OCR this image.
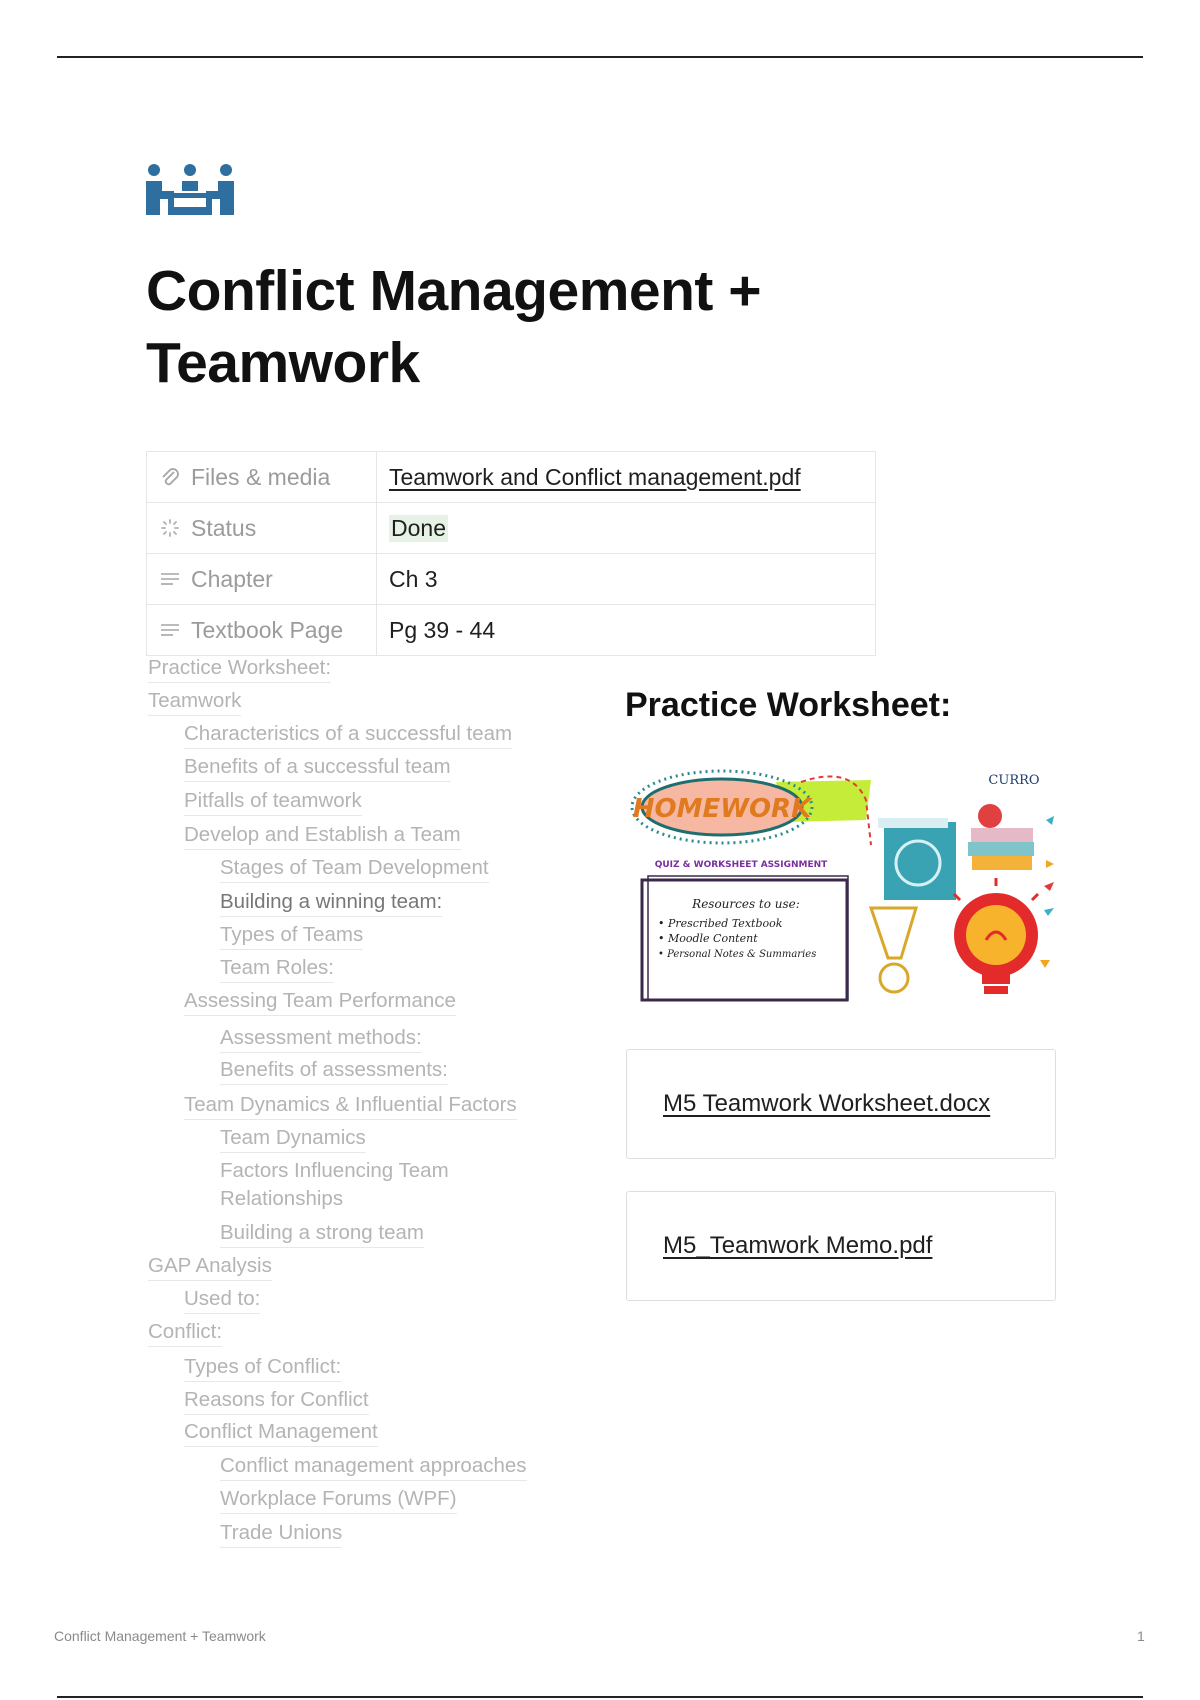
Conflict Management + Teamwork
Files & media	Teamwork and Conflict management.pdf
Status	Done
Chapter	Ch 3
Textbook Page Pg 39 - 44
Practice Worksheet:
Teamwork
Characteristics of a successful team
Benefits of a successful team
Pitfalls of teamwork
Develop and Establish a Team
Stages of Team Development
Building a winning team:
Types of Teams
Team Roles:
Assessing Team Performance
Assessment methods:
Benefits of assessments:
Team Dynamics & Influential Factors
Team Dynamics
Factors Influencing Team Relationships
Building a strong team
GAP Analysis
Used to:
Conflict:
Types of Conflict:
Reasons for Conflict
Conflict Management
Conflict management approaches
Workplace Forums (WPF)
Trade Unions
Practice Worksheet:
HOMEWORK
QUIZ & WORKSHEET ASSIGNMENT
Resources to use:
• Prescribed Textbook
• Moodle Content
• Personal Notes & Summaries
CURRO
M5 Teamwork Worksheet.docx
M5_Teamwork Memo.pdf
Conflict Management + Teamwork	1
